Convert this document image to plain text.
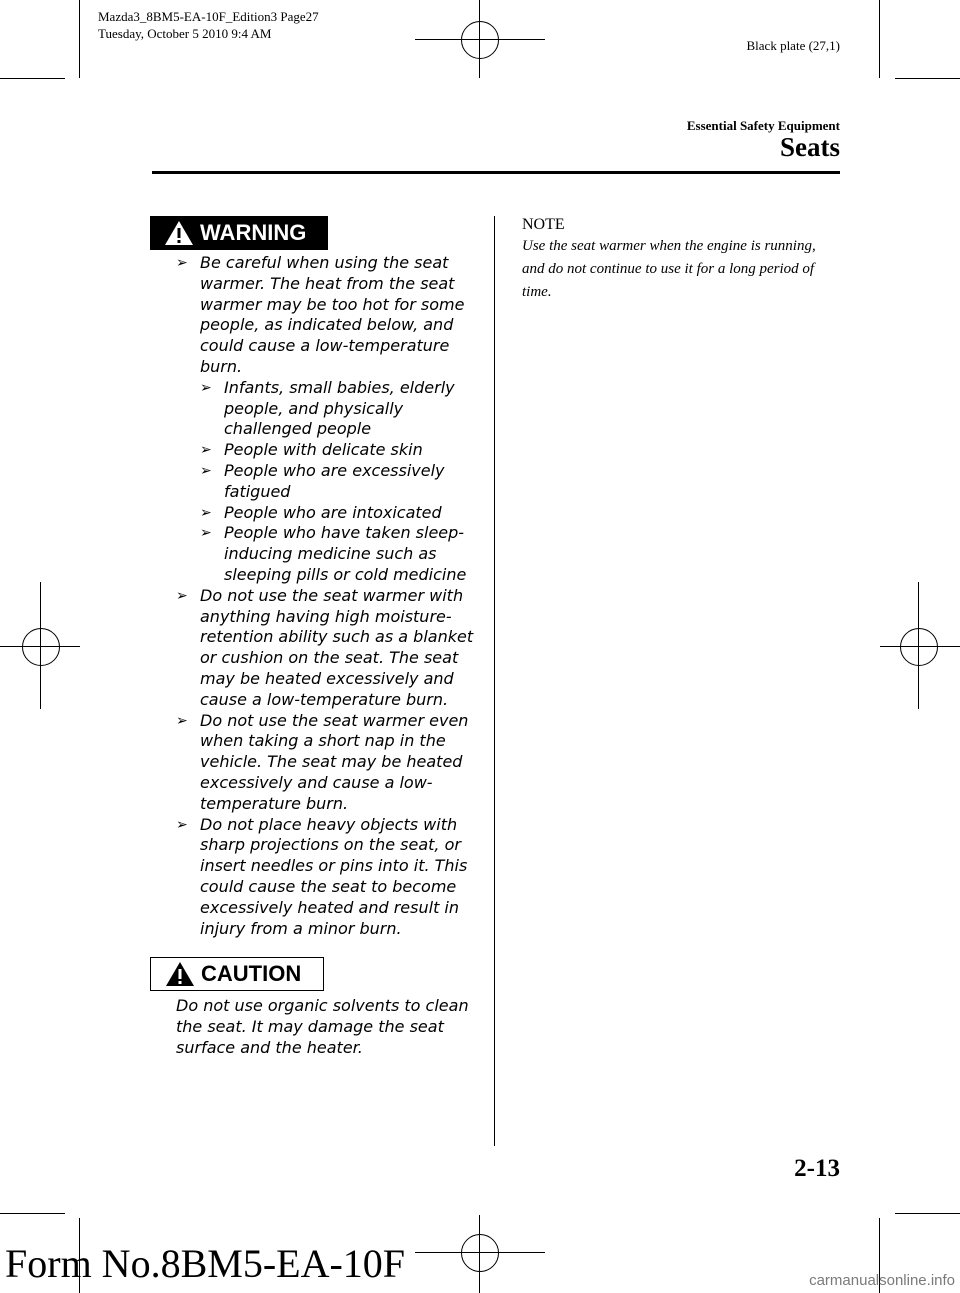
Mazda3_8BM5-EA-10F_Edition3 Page27
Tuesday, October 5 2010 9:4 AM
Black plate (27,1)
Essential Safety Equipment
Seats
WARNING
➢ Be careful when using the seat warmer. The heat from the seat warmer may be too hot for some people, as indicated below, and could cause a low-temperature burn.
➢ Infants, small babies, elderly people, and physically challenged people
➢ People with delicate skin
➢ People who are excessively fatigued
➢ People who are intoxicated
➢ People who have taken sleep-inducing medicine such as sleeping pills or cold medicine
➢ Do not use the seat warmer with anything having high moisture-retention ability such as a blanket or cushion on the seat. The seat may be heated excessively and cause a low-temperature burn.
➢ Do not use the seat warmer even when taking a short nap in the vehicle. The seat may be heated excessively and cause a low-temperature burn.
➢ Do not place heavy objects with sharp projections on the seat, or insert needles or pins into it. This could cause the seat to become excessively heated and result in injury from a minor burn.
CAUTION
Do not use organic solvents to clean the seat. It may damage the seat surface and the heater.
NOTE
Use the seat warmer when the engine is running, and do not continue to use it for a long period of time.
2-13
Form No.8BM5-EA-10F	carmanualsonline.info
